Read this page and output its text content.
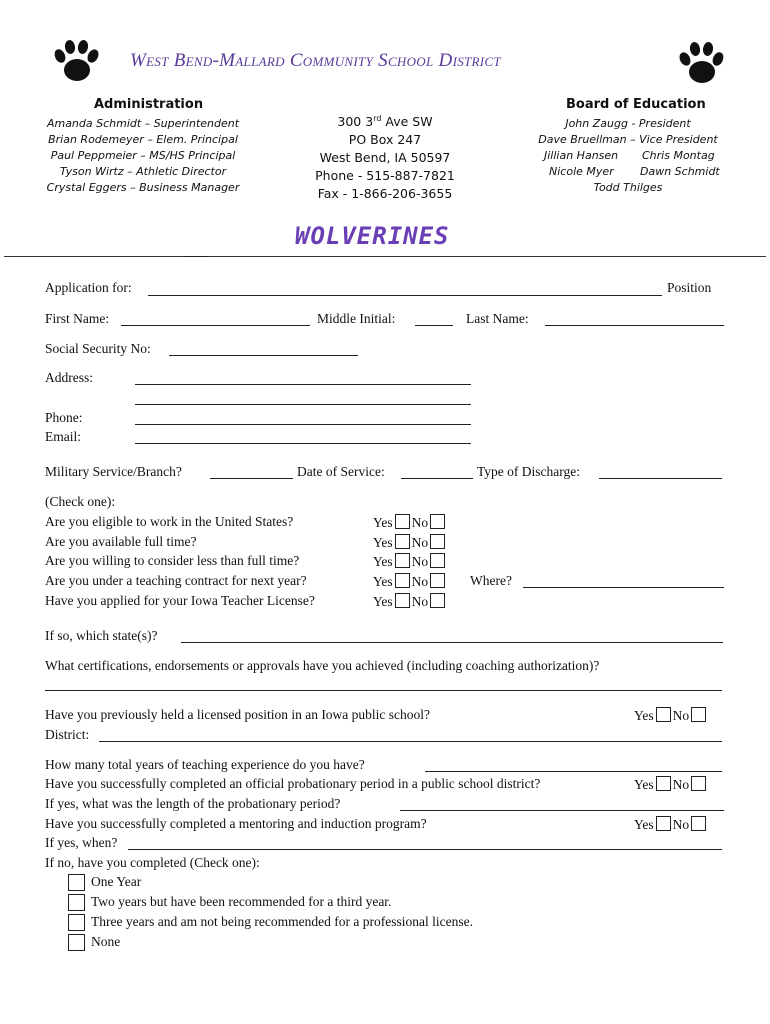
West Bend-Mallard Community School District
Administration
Amanda Schmidt – Superintendent
Brian Rodemeyer – Elem. Principal
Paul Peppmeier – MS/HS Principal
Tyson Wirtz – Athletic Director
Crystal Eggers – Business Manager
300 3rd Ave SW
PO Box 247
West Bend, IA 50597
Phone - 515-887-7821
Fax - 1-866-206-3655
Board of Education
John Zaugg - President
Dave Bruellman – Vice President
Jillian Hansen Chris Montag
Nicole Myer Dawn Schmidt
Todd Thilges
WOLVERINES
Application for:	Position
First Name:	Middle Initial:	Last Name:
Social Security No:
Address:
Phone:
Email:
Military Service/Branch?	Date of Service:	Type of Discharge:
(Check one):
Are you eligible to work in the United States?	Yes No
Are you available full time?	Yes No
Are you willing to consider less than full time?	Yes No
Are you under a teaching contract for next year?	Yes No	Where?
Have you applied for your Iowa Teacher License?	Yes No
If so, which state(s)?
What certifications, endorsements or approvals have you achieved (including coaching authorization)?
Have you previously held a licensed position in an Iowa public school?	Yes No
District:
How many total years of teaching experience do you have?
Have you successfully completed an official probationary period in a public school district?	Yes No
If yes, what was the length of the probationary period?
Have you successfully completed a mentoring and induction program?	Yes No
If yes, when?
If no, have you completed (Check one):
One Year
Two years but have been recommended for a third year.
Three years and am not being recommended for a professional license.
None
